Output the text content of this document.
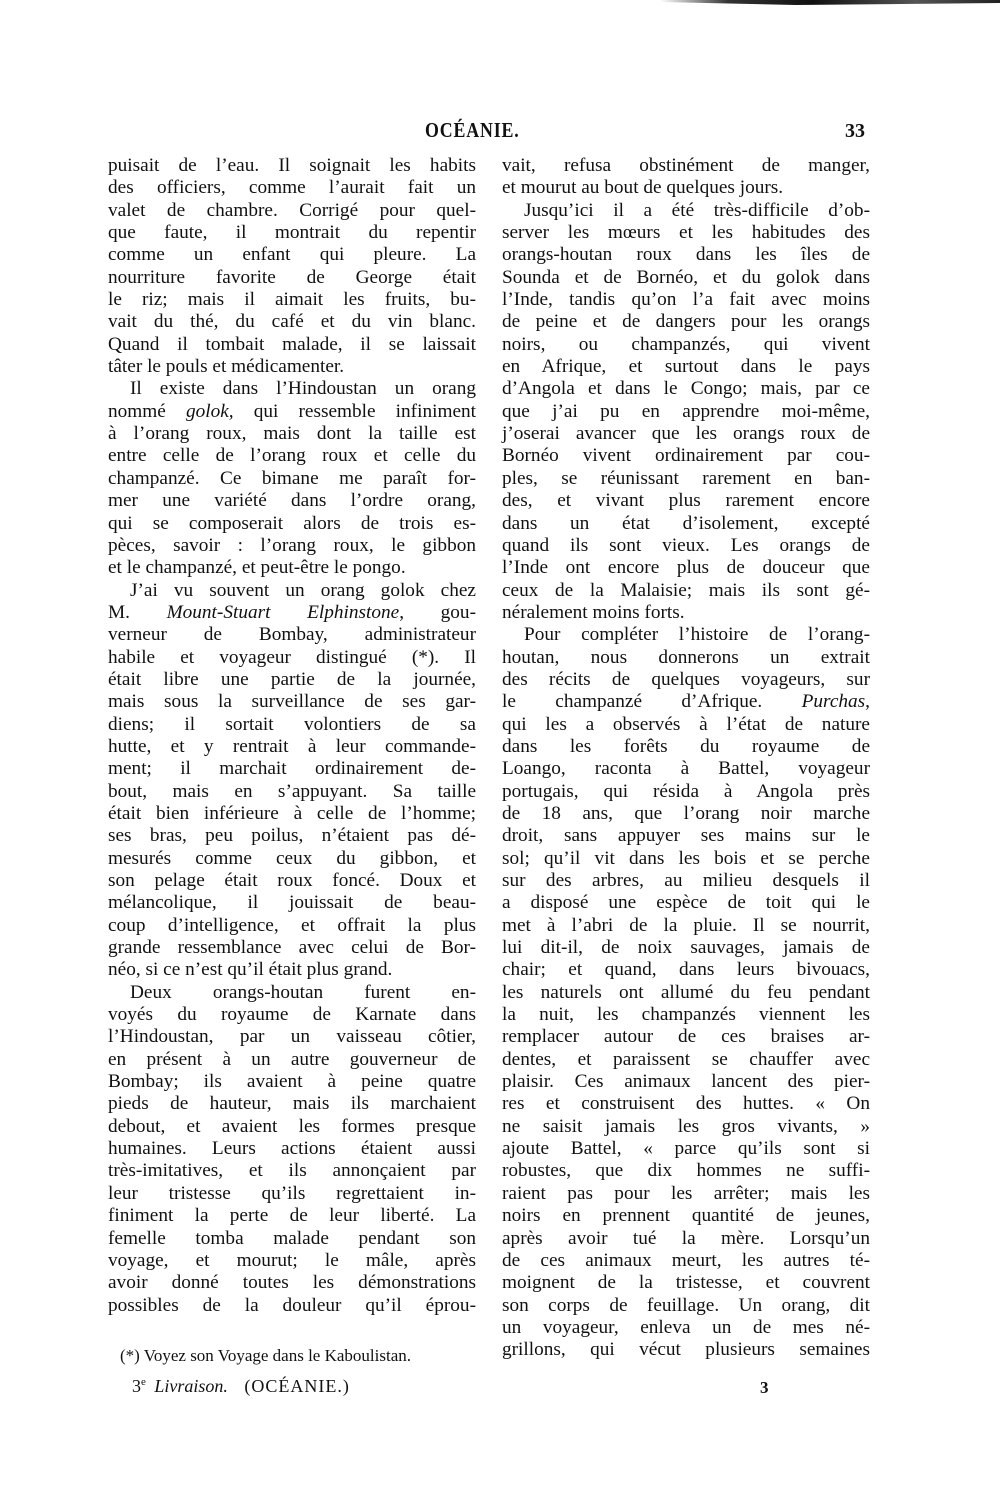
OCÉANIE.	33
puisait de l’eau. Il soignait les habits
des officiers, comme l’aurait fait un
valet de chambre. Corrigé pour quel-
que faute, il montrait du repentir
comme un enfant qui pleure. La
nourriture favorite de George était
le riz; mais il aimait les fruits, bu-
vait du thé, du café et du vin blanc.
Quand il tombait malade, il se laissait
tâter le pouls et médicamenter.
Il existe dans l’Hindoustan un orang
nommé golok, qui ressemble infiniment
à l’orang roux, mais dont la taille est
entre celle de l’orang roux et celle du
champanzé. Ce bimane me paraît for-
mer une variété dans l’ordre orang,
qui se composerait alors de trois es-
pèces, savoir : l’orang roux, le gibbon
et le champanzé, et peut-être le pongo.
J’ai vu souvent un orang golok chez
M. Mount-Stuart Elphinstone, gou-
verneur de Bombay, administrateur
habile et voyageur distingué (*). Il
était libre une partie de la journée,
mais sous la surveillance de ses gar-
diens; il sortait volontiers de sa
hutte, et y rentrait à leur commande-
ment; il marchait ordinairement de-
bout, mais en s’appuyant. Sa taille
était bien inférieure à celle de l’homme;
ses bras, peu poilus, n’étaient pas dé-
mesurés comme ceux du gibbon, et
son pelage était roux foncé. Doux et
mélancolique, il jouissait de beau-
coup d’intelligence, et offrait la plus
grande ressemblance avec celui de Bor-
néo, si ce n’est qu’il était plus grand.
Deux orangs-houtan furent en-
voyés du royaume de Karnate dans
l’Hindoustan, par un vaisseau côtier,
en présent à un autre gouverneur de
Bombay; ils avaient à peine quatre
pieds de hauteur, mais ils marchaient
debout, et avaient les formes presque
humaines. Leurs actions étaient aussi
très-imitatives, et ils annonçaient par
leur tristesse qu’ils regrettaient in-
finiment la perte de leur liberté. La
femelle tomba malade pendant son
voyage, et mourut; le mâle, après
avoir donné toutes les démonstrations
possibles de la douleur qu’il éprou-
vait, refusa obstinément de manger,
et mourut au bout de quelques jours.
Jusqu’ici il a été très-difficile d’ob-
server les mœurs et les habitudes des
orangs-houtan roux dans les îles de
Sounda et de Bornéo, et du golok dans
l’Inde, tandis qu’on l’a fait avec moins
de peine et de dangers pour les orangs
noirs, ou champanzés, qui vivent
en Afrique, et surtout dans le pays
d’Angola et dans le Congo; mais, par ce
que j’ai pu en apprendre moi-même,
j’oserai avancer que les orangs roux de
Bornéo vivent ordinairement par cou-
ples, se réunissant rarement en ban-
des, et vivant plus rarement encore
dans un état d’isolement, excepté
quand ils sont vieux. Les orangs de
l’Inde ont encore plus de douceur que
ceux de la Malaisie; mais ils sont gé-
néralement moins forts.
Pour compléter l’histoire de l’orang-
houtan, nous donnerons un extrait
des récits de quelques voyageurs, sur
le champanzé d’Afrique. Purchas,
qui les a observés à l’état de nature
dans les forêts du royaume de
Loango, raconta à Battel, voyageur
portugais, qui résida à Angola près
de 18 ans, que l’orang noir marche
droit, sans appuyer ses mains sur le
sol; qu’il vit dans les bois et se perche
sur des arbres, au milieu desquels il
a disposé une espèce de toit qui le
met à l’abri de la pluie. Il se nourrit,
lui dit-il, de noix sauvages, jamais de
chair; et quand, dans leurs bivouacs,
les naturels ont allumé du feu pendant
la nuit, les champanzés viennent les
remplacer autour de ces braises ar-
dentes, et paraissent se chauffer avec
plaisir. Ces animaux lancent des pier-
res et construisent des huttes. « On
ne saisit jamais les gros vivants, »
ajoute Battel, « parce qu’ils sont si
robustes, que dix hommes ne suffi-
raient pas pour les arrêter; mais les
noirs en prennent quantité de jeunes,
après avoir tué la mère. Lorsqu’un
de ces animaux meurt, les autres té-
moignent de la tristesse, et couvrent
son corps de feuillage. Un orang, dit
un voyageur, enleva un de mes né-
grillons, qui vécut plusieurs semaines
(*) Voyez son Voyage dans le Kaboulistan.
3e Livraison. (OCÉANIE.)	3
